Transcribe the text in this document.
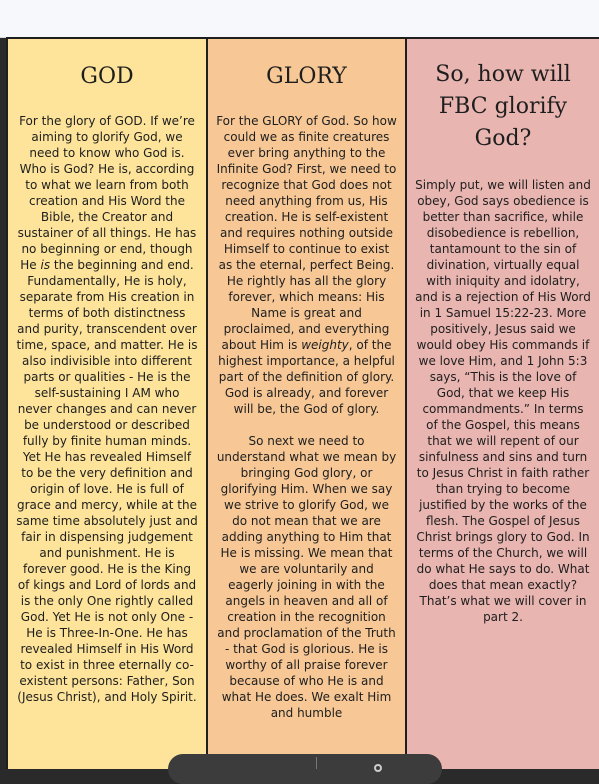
GOD

For the glory of GOD. If we’re aiming to glorify God, we need to know who God is. Who is God? He is, according to what we learn from both creation and His Word the Bible, the Creator and sustainer of all things. He has no beginning or end, though He is the beginning and end. Fundamentally, He is holy, separate from His creation in terms of both distinctness and purity, transcendent over time, space, and matter. He is also indivisible into different parts or qualities - He is the self-sustaining I AM who never changes and can never be understood or described fully by finite human minds. Yet He has revealed Himself to be the very definition and origin of love. He is full of grace and mercy, while at the same time absolutely just and fair in dispensing judgement and punishment. He is forever good. He is the King of kings and Lord of lords and is the only One rightly called God. Yet He is not only One - He is Three-In-One. He has revealed Himself in His Word to exist in three eternally co-existent persons: Father, Son (Jesus Christ), and Holy Spirit.

GLORY

For the GLORY of God. So how could we as finite creatures ever bring anything to the Infinite God? First, we need to recognize that God does not need anything from us, His creation. He is self-existent and requires nothing outside Himself to continue to exist as the eternal, perfect Being. He rightly has all the glory forever, which means: His Name is great and proclaimed, and everything about Him is weighty, of the highest importance, a helpful part of the definition of glory. God is already, and forever will be, the God of glory.

So next we need to understand what we mean by bringing God glory, or glorifying Him. When we say we strive to glorify God, we do not mean that we are adding anything to Him that He is missing. We mean that we are voluntarily and eagerly joining in with the angels in heaven and all of creation in the recognition and proclamation of the Truth - that God is glorious. He is worthy of all praise forever because of who He is and what He does. We exalt Him and humble

So, how will FBC glorify God?

Simply put, we will listen and obey, God says obedience is better than sacrifice, while disobedience is rebellion, tantamount to the sin of divination, virtually equal with iniquity and idolatry, and is a rejection of His Word in 1 Samuel 15:22-23. More positively, Jesus said we would obey His commands if we love Him, and 1 John 5:3 says, “This is the love of God, that we keep His commandments.” In terms of the Gospel, this means that we will repent of our sinfulness and sins and turn to Jesus Christ in faith rather than trying to become justified by the works of the flesh. The Gospel of Jesus Christ brings glory to God. In terms of the Church, we will do what He says to do. What does that mean exactly? That’s what we will cover in part 2.
